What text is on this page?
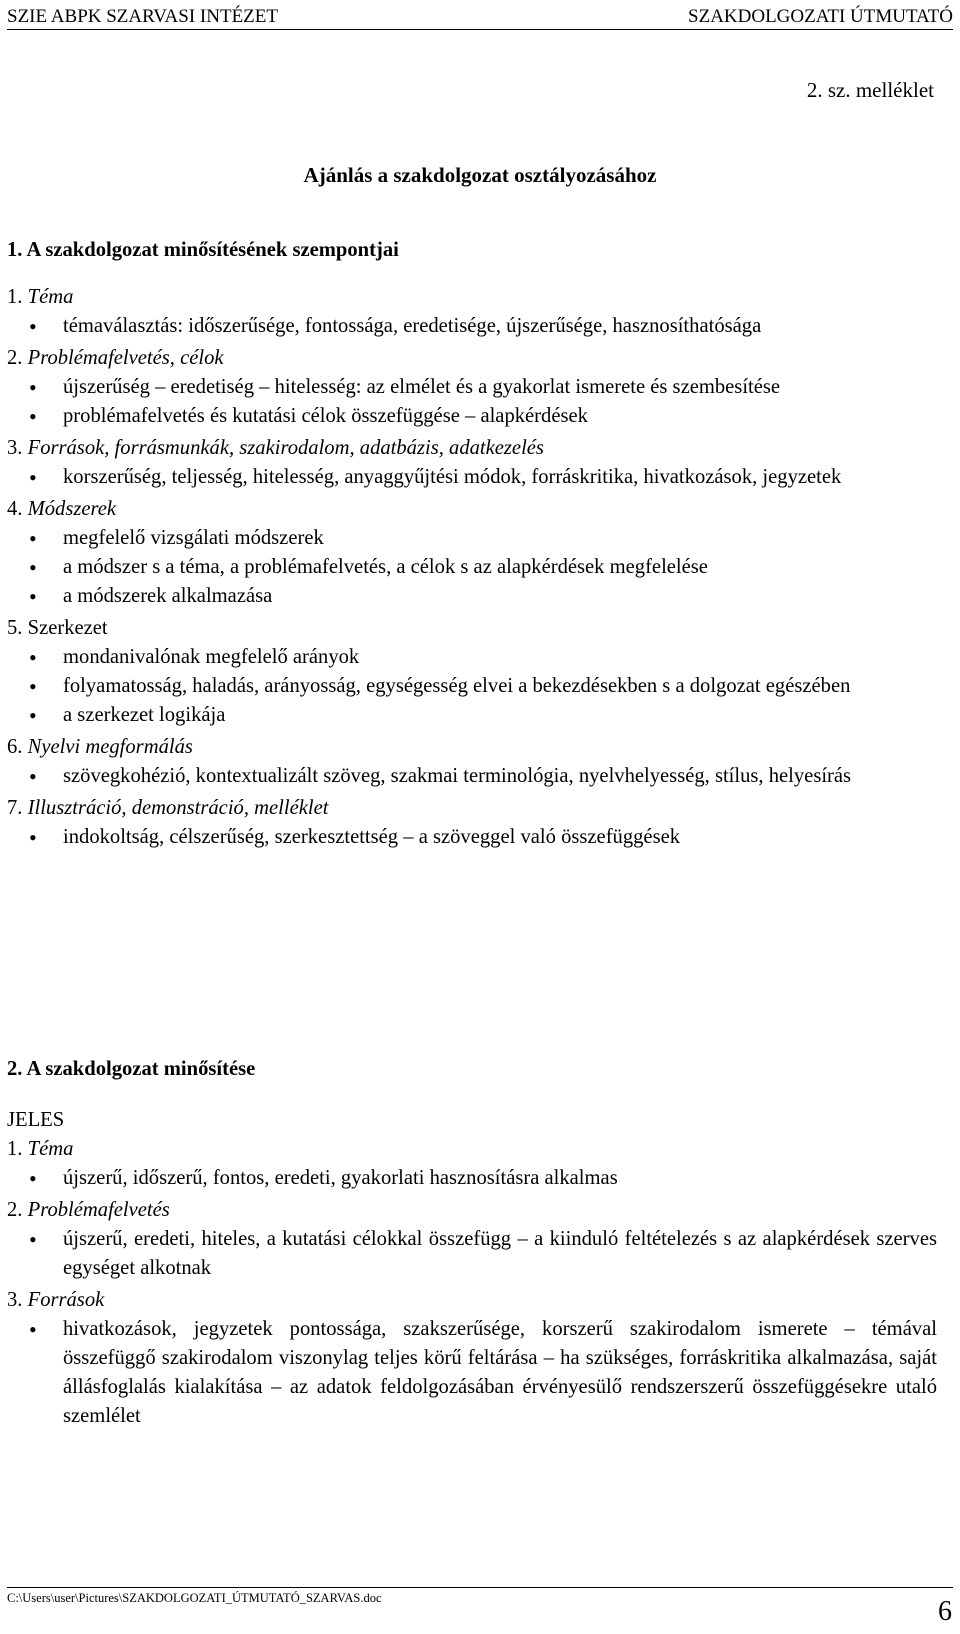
SZIE ABPK SZARVASI INTÉZET	SZAKDOLGOZATI ÚTMUTATÓ
2. sz. melléklet
Ajánlás a szakdolgozat osztályozásához
1. A szakdolgozat minősítésének szempontjai
1. Téma
• témaválasztás: időszerűsége, fontossága, eredetisége, újszerűsége, hasznosíthatósága
2. Problémafelvetés, célok
• újszerűség – eredetiség – hitelesség: az elmélet és a gyakorlat ismerete és szembesítése
• problémafelvetés és kutatási célok összefüggése – alapkérdések
3. Források, forrásmunkák, szakirodalom, adatbázis, adatkezelés
• korszerűség, teljesség, hitelesség, anyaggyűjtési módok, forráskritika, hivatkozások, jegyzetek
4. Módszerek
• megfelelő vizsgálati módszerek
• a módszer s a téma, a problémafelvetés, a célok s az alapkérdések megfelelése
• a módszerek alkalmazása
5. Szerkezet
• mondanivalónak megfelelő arányok
• folyamatosság, haladás, arányosság, egységesség elvei a bekezdésekben s a dolgozat egészében
• a szerkezet logikája
6. Nyelvi megformálás
• szövegkohézió, kontextualizált szöveg, szakmai terminológia, nyelvhelyesség, stílus, helyesírás
7. Illusztráció, demonstráció, melléklet
• indokoltság, célszerűség, szerkesztettség – a szöveggel való összefüggések
2. A szakdolgozat minősítése
JELES
1. Téma
• újszerű, időszerű, fontos, eredeti, gyakorlati hasznosításra alkalmas
2. Problémafelvetés
• újszerű, eredeti, hiteles, a kutatási célokkal összefügg – a kiinduló feltételezés s az alapkérdések szerves egységet alkotnak
3. Források
• hivatkozások, jegyzetek pontossága, szakszerűsége, korszerű szakirodalom ismerete – témával összefüggő szakirodalom viszonylag teljes körű feltárása – ha szükséges, forráskritika alkalmazása, saját állásfoglalás kialakítása – az adatok feldolgozásában érvényesülő rendszerszerű összefüggésekre utaló szemlélet
C:\Users\user\Pictures\SZAKDOLGOZATI_ÚTMUTATÓ_SZARVAS.doc	6
